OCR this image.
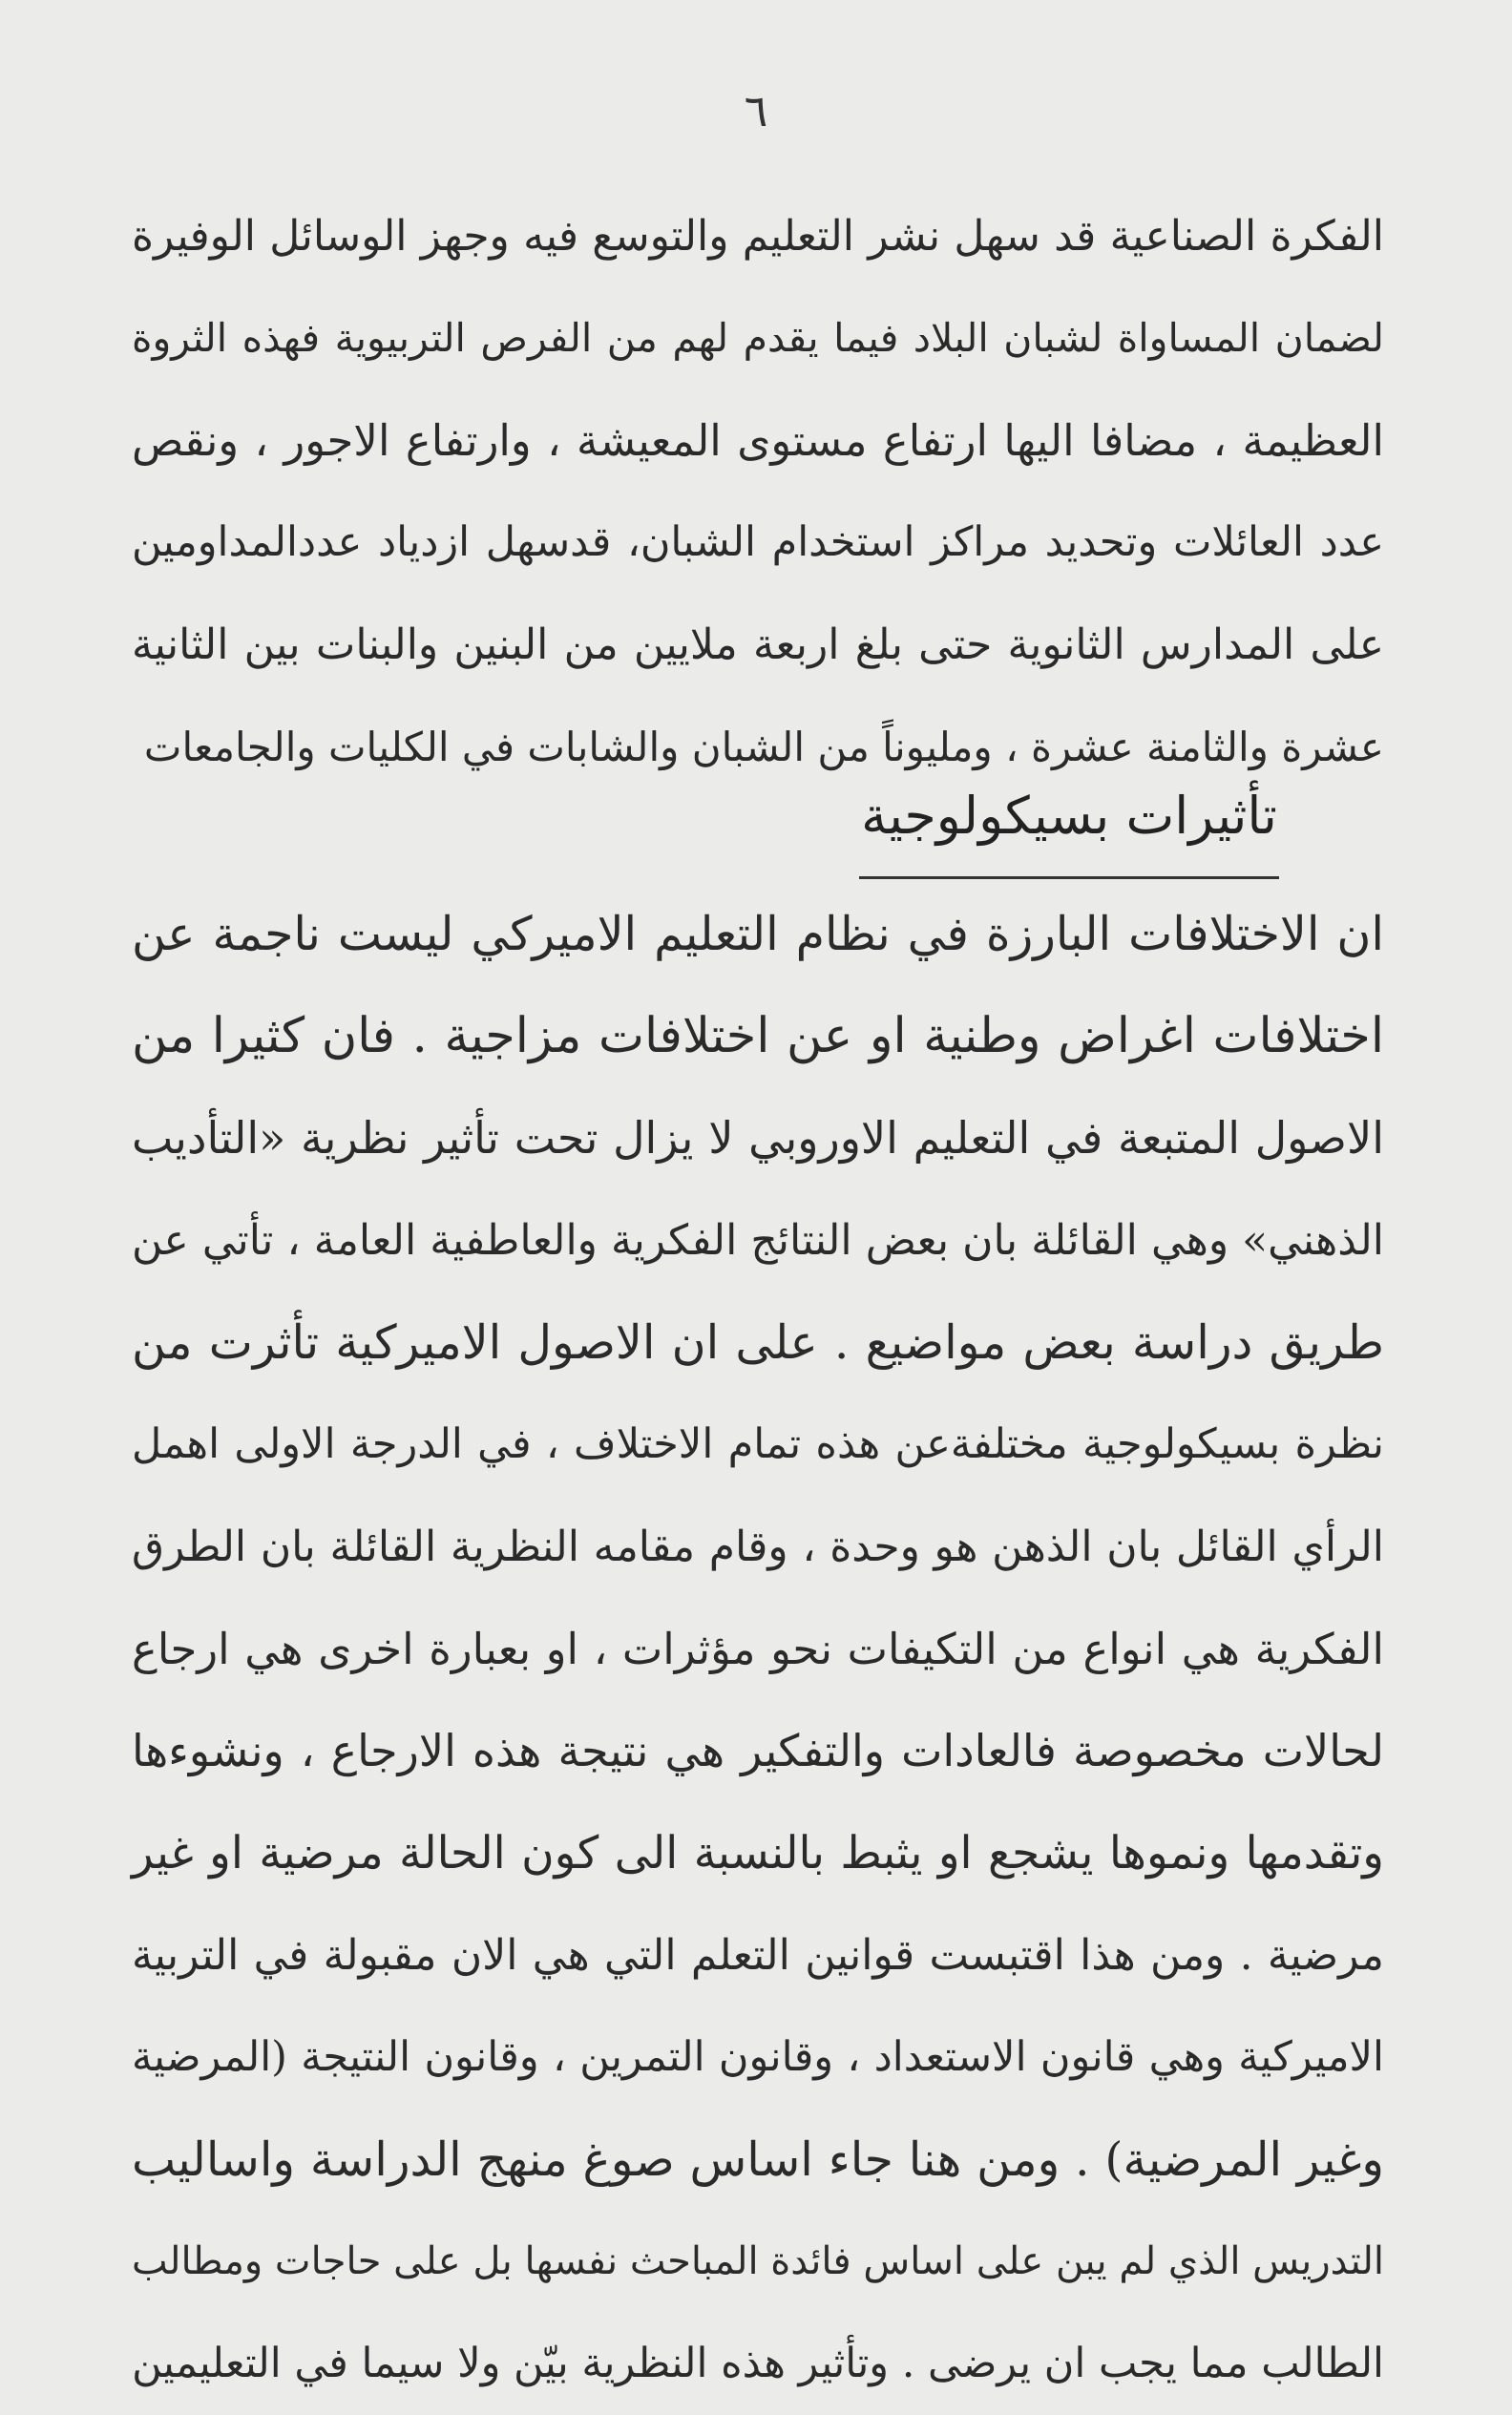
٦
الفكرة الصناعية قد سهل نشر التعليم والتوسع فيه وجهز الوسائل الوفيرة
لضمان المساواة لشبان البلاد فيما يقدم لهم من الفرص التربيوية فهذه الثروة
العظيمة ، مضافا اليها ارتفاع مستوى المعيشة ، وارتفاع الاجور ، ونقص
عدد العائلات وتحديد مراكز استخدام الشبان، قدسهل ازدياد عددالمداومين
على المدارس الثانوية حتى بلغ اربعة ملايين من البنين والبنات بين الثانية
عشرة والثامنة عشرة ، ومليوناً من الشبان والشابات في الكليات والجامعات
تأثيرات بسيكولوجية
ان الاختلافات البارزة في نظام التعليم الاميركي ليست ناجمة عن
اختلافات اغراض وطنية او عن اختلافات مزاجية . فان كثيرا من
الاصول المتبعة في التعليم الاوروبي لا يزال تحت تأثير نظرية «التأديب
الذهني» وهي القائلة بان بعض النتائج الفكرية والعاطفية العامة ، تأتي عن
طريق دراسة بعض مواضيع . على ان الاصول الاميركية تأثرت من
نظرة بسيكولوجية مختلفةعن هذه تمام الاختلاف ، في الدرجة الاولى اهمل
الرأي القائل بان الذهن هو وحدة ، وقام مقامه النظرية القائلة بان الطرق
الفكرية هي انواع من التكيفات نحو مؤثرات ، او بعبارة اخرى هي ارجاع
لحالات مخصوصة فالعادات والتفكير هي نتيجة هذه الارجاع ، ونشوءها
وتقدمها ونموها يشجع او يثبط بالنسبة الى كون الحالة مرضية او غير
مرضية . ومن هذا اقتبست قوانين التعلم التي هي الان مقبولة في التربية
الاميركية وهي قانون الاستعداد ، وقانون التمرين ، وقانون النتيجة (المرضية
وغير المرضية) . ومن هنا جاء اساس صوغ منهج الدراسة واساليب
التدريس الذي لم يبن على اساس فائدة المباحث نفسها بل على حاجات ومطالب
الطالب مما يجب ان يرضى . وتأثير هذه النظرية بيّن ولا سيما في التعليمين
